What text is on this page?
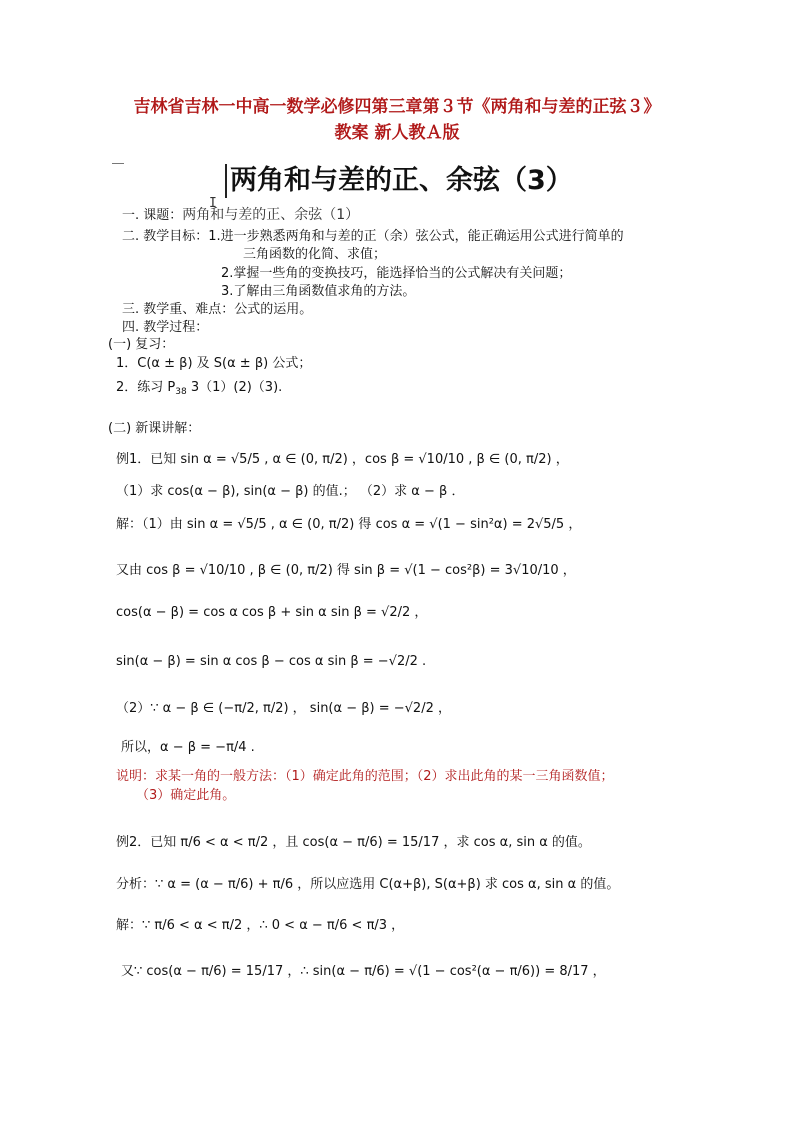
吉林省吉林一中高一数学必修四第三章第３节《两角和与差的正弦３》
教案 新人教Ａ版
两角和与差的正、余弦（3）
I
一. 课题：两角和与差的正、余弦（1）
二. 教学目标：1.进一步熟悉两角和与差的正（余）弦公式，能正确运用公式进行简单的
三角函数的化简、求值；
2.掌握一些角的变换技巧，能选择恰当的公式解决有关问题；
3.了解由三角函数值求角的方法。
三. 教学重、难点：公式的运用。
四. 教学过程：
(一) 复习：
1．C(α ± β) 及 S(α ± β) 公式；
2．练习 $P_{38}$ 3（1）(2)（3).
(二) 新课讲解：
例1．已知 sin α = √5/5 , α ∈ (0, π/2) ，cos β = √10/10 , β ∈ (0, π/2) ，
（1）求 cos(α − β), sin(α − β) 的值.； （2）求 α − β ．
解：（1）由 sin α = √5/5 , α ∈ (0, π/2) 得 cos α = √(1 − sin²α) = 2√5/5 ，
又由 cos β = √10/10 , β ∈ (0, π/2) 得 sin β = √(1 − cos²β) = 3√10/10 ，
cos(α − β) = cos α cos β + sin α sin β = √2/2 ，
sin(α − β) = sin α cos β − cos α sin β = −√2/2 .
（2）∵ α − β ∈ (−π/2, π/2) ， sin(α − β) = −√2/2 ，
所以，α − β = −π/4 .
说明：求某一角的一般方法：（1）确定此角的范围；（2）求出此角的某一三角函数值；
（3）确定此角。
例2．已知 π/6 < α < π/2 ，且 cos(α − π/6) = 15/17 ，求 cos α, sin α 的值。
分析：∵ α = (α − π/6) + π/6 ，所以应选用 C(α+β), S(α+β) 求 cos α, sin α 的值。
解：∵ π/6 < α < π/2 ，∴ 0 < α − π/6 < π/3 ，
又∵ cos(α − π/6) = 15/17 ，∴ sin(α − π/6) = √(1 − cos²(α − π/6)) = 8/17 ，
